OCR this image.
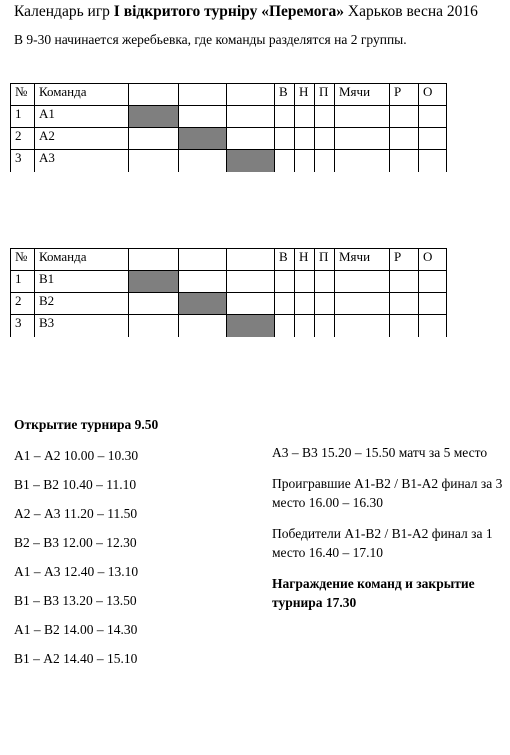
Календарь игр I відкритого турніру «Перемога» Харьков весна 2016
В 9-30 начинается жеребьевка, где команды разделятся на 2 группы.
№	Команда				В	Н	П	Мячи	Р	О
1	А1									
2	А2									
3	А3									
№	Команда				В	Н	П	Мячи	Р	О
1	В1									
2	В2									
3	В3									
Открытие турнира 9.50
А1 – А2 10.00 – 10.30
В1 – В2 10.40 – 11.10
А2 – А3 11.20 – 11.50
В2 – В3 12.00 – 12.30
А1 – А3 12.40 – 13.10
В1 – В3 13.20 – 13.50
А1 – В2 14.00 – 14.30
В1 – А2 14.40 – 15.10
А3 – В3 15.20 – 15.50 матч за 5 место
Проигравшие А1-В2 / В1-А2 финал за 3 место 16.00 – 16.30
Победители А1-В2 / В1-А2 финал за 1 место 16.40 – 17.10
Награждение команд и закрытие турнира 17.30
